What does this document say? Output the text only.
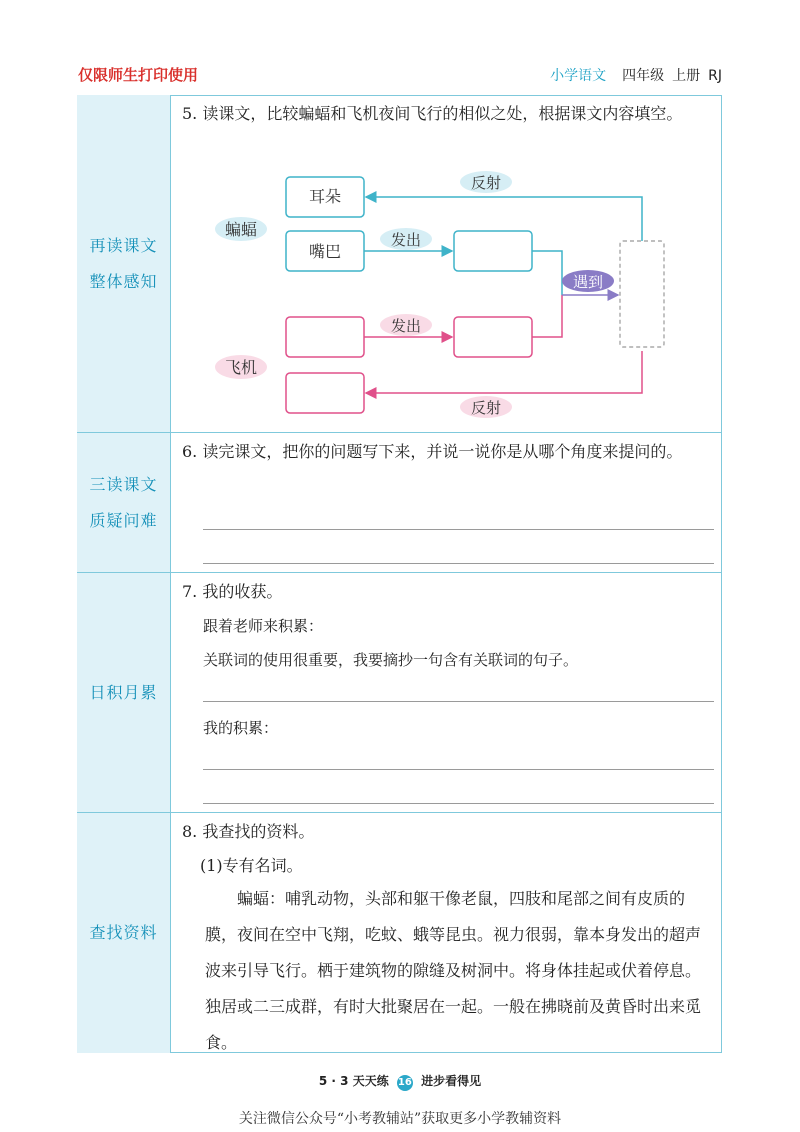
仅限师生打印使用	小学语文 四年级 上册 RJ
再读课文
整体感知
5. 读课文，比较蝙蝠和飞机夜间飞行的相似之处，根据课文内容填空。
蝙蝠
飞机
耳朵
嘴巴
发出
反射
发出
反射
遇到
三读课文
质疑问难
6. 读完课文，把你的问题写下来，并说一说你是从哪个角度来提问的。
日积月累
7. 我的收获。
跟着老师来积累：
关联词的使用很重要，我要摘抄一句含有关联词的句子。
我的积累：
查找资料
8. 我查找的资料。
(1)专有名词。
蝙蝠：哺乳动物，头部和躯干像老鼠，四肢和尾部之间有皮质的膜，夜间在空中飞翔，吃蚊、蛾等昆虫。视力很弱，靠本身发出的超声波来引导飞行。栖于建筑物的隙缝及树洞中。将身体挂起或伏着停息。独居或二三成群，有时大批聚居在一起。一般在拂晓前及黄昏时出来觅食。
5 · 3 天天练 16 进步看得见
关注微信公众号“小考教辅站”获取更多小学教辅资料
